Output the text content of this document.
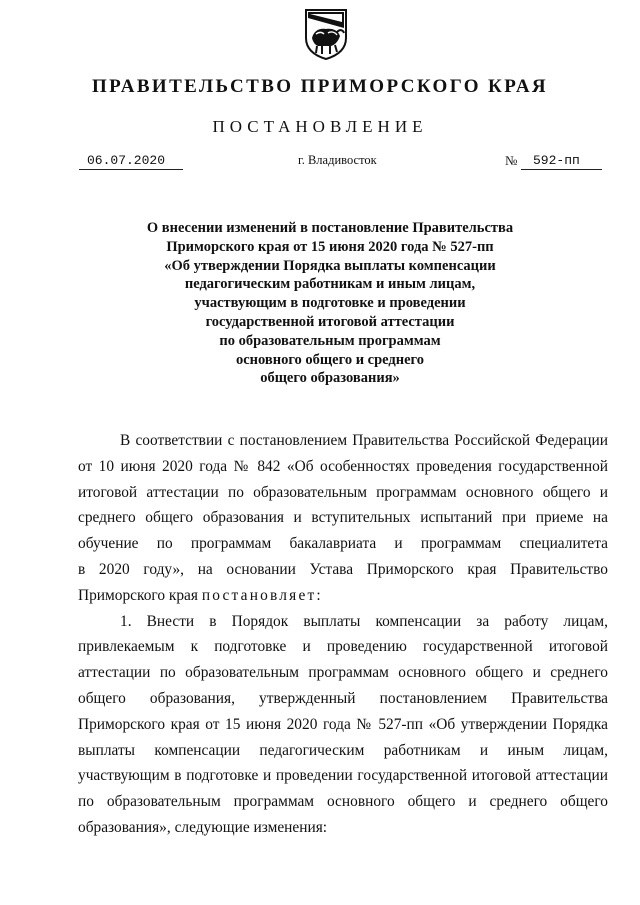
ПРАВИТЕЛЬСТВО ПРИМОРСКОГО КРАЯ
ПОСТАНОВЛЕНИЕ
06.07.2020	г. Владивосток	№	592-пп
О внесении изменений в постановление Правительства
Приморского края от 15 июня 2020 года № 527-пп
«Об утверждении Порядка выплаты компенсации
педагогическим работникам и иным лицам,
участвующим в подготовке и проведении
государственной итоговой аттестации
по образовательным программам
основного общего и среднего
общего образования»
В соответствии с постановлением Правительства Российской Федерации
от 10 июня 2020 года № 842 «Об особенностях проведения государственной
итоговой аттестации по образовательным программам основного общего и
среднего общего образования и вступительных испытаний при приеме на
обучение по программам бакалавриата и программам специалитета
в 2020 году», на основании Устава Приморского края Правительство
Приморского края постановляет:
1. Внести в Порядок выплаты компенсации за работу лицам,
привлекаемым к подготовке и проведению государственной итоговой
аттестации по образовательным программам основного общего и среднего
общего образования, утвержденный постановлением Правительства
Приморского края от 15 июня 2020 года № 527-пп «Об утверждении Порядка
выплаты компенсации педагогическим работникам и иным лицам,
участвующим в подготовке и проведении государственной итоговой аттестации
по образовательным программам основного общего и среднего общего
образования», следующие изменения:
